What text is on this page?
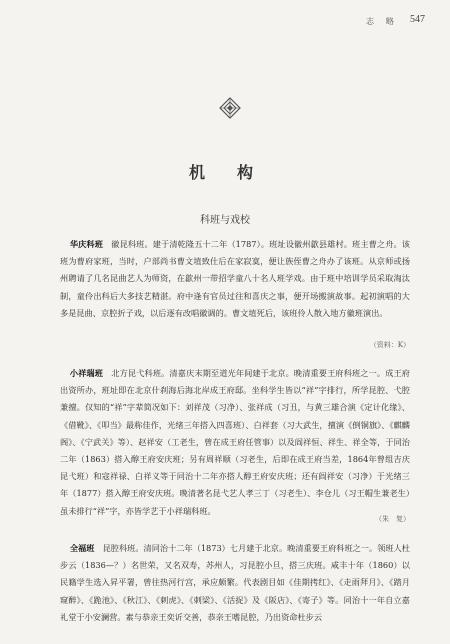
志　略 547
机　构
科班与戏校
华庆科班　徽昆科班。建于清乾隆五十二年（1787）。班址设徽州歙县雄村。班主曹之舟。该班为曹府家班，当时，户部尚书曹文埴致仕后在家寂寞，便让族侄曹之舟办了该班。从京师或扬州聘请了几名昆曲艺人为师资，在歙州一带招学童八十名人班学戏。由于班中培训学员采取淘汰制，童伶出科后大多技艺精湛。府中逢有官员过往和喜庆之事，便开场搬演故事。起初演唱的大多是昆曲、京腔折子戏，以后逐有改唱徽调的。曹文埴死后，该班伶人散入地方徽班演出。
（资料：K）
小祥瑞班　北方昆弋科班。清嘉庆末期至道光年间建于北京。晚清重要王府科班之一。成王府出资所办，班址即在北京什刹海后海北岸成王府邸。坐科学生皆以“祥”字排行，所学昆腔、弋腔兼擅。仅知的“祥”字辈简况如下：刘祥茂（习净）、张祥成（习丑，与黄三雄合演《定计化缘》、《借靴》、《叩当》最称佳作，光绪三年搭入四喜班）、白祥套（习大武生，擅演《倒铜旗》、《麒麟阁》、《宁武关》等）、赵祥安（工老生，曾在成王府任管事）以及阎祥恒、祥生、祥全等，于同治二年（1863）搭入醇王府安庆班；另有周祥顺（习老生，后即在成王府当差，1864年曾组吉庆昆弋班）和寇祥禄、白祥义等于同治十二年亦搭人醇王府安庆班；还有阎祥安（习净）于光绪三年（1877）搭入醇王府安庆班。晚清著名昆弋艺人孝三丁（习老生）、李仓儿（习王帽生兼老生）虽未排行“祥”字，亦皆学艺于小祥瑞科班。
（朱　复）
全福班　昆腔科班。清同治十二年（1873）七月建于北京。晚清重要王府科班之一。领班人杜步云（1836—？）名世荣，又名双寿，苏州人，习昆腔小旦，搭三庆班。咸丰十年（1860）以民籍学生选入昇平署，曾往热河行宫，承应颇繁。代表剧目如《佳期拷红》、《走雨拜月》、《踏月窥醉》、《跪池》、《秋江》、《刺虎》、《刺梁》、《活捉》及《阪店》、《寄子》等。同治十一年自立嘉礼堂于小安澜营。素与恭亲王奕䜣交善，恭亲王嗜昆腔，乃出资命杜步云
